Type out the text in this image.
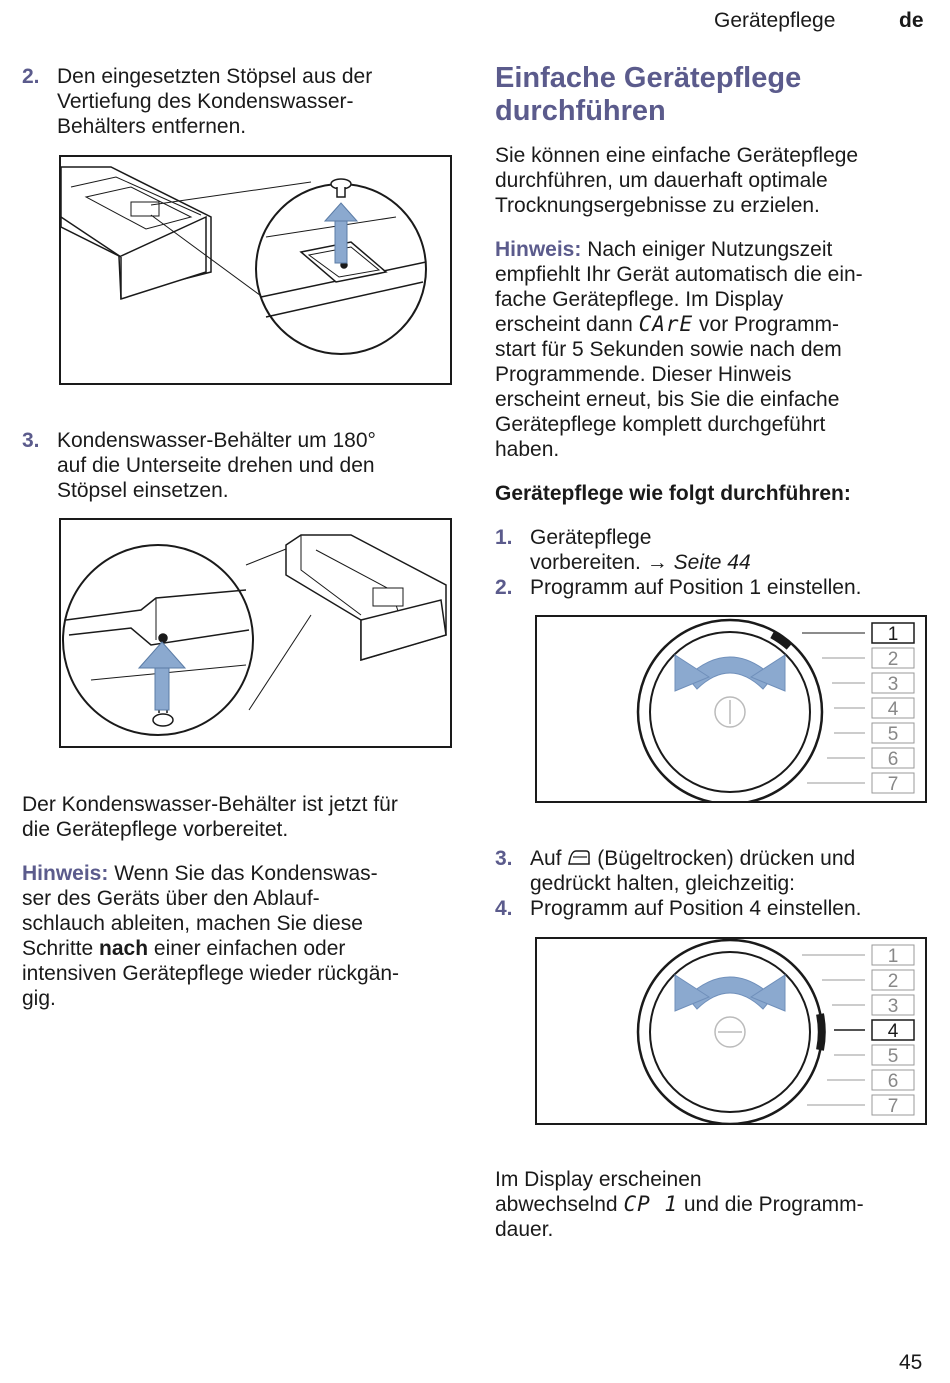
Gerätepflege	de
2. Den eingesetzten Stöpsel aus der
Vertiefung des Kondenswasser-
Behälters entfernen.
3. Kondenswasser-Behälter um 180°
auf die Unterseite drehen und den
Stöpsel einsetzen.
Der Kondenswasser-Behälter ist jetzt für
die Gerätepflege vorbereitet.
Hinweis: Wenn Sie das Kondenswas-
ser des Geräts über den Ablauf-
schlauch ableiten, machen Sie diese
Schritte nach einer einfachen oder
intensiven Gerätepflege wieder rückgän-
gig.
Einfache Gerätepflege
durchführen
Sie können eine einfache Gerätepflege
durchführen, um dauerhaft optimale
Trocknungsergebnisse zu erzielen.
Hinweis: Nach einiger Nutzungszeit
empfiehlt Ihr Gerät automatisch die ein-
fache Gerätepflege. Im Display
erscheint dann CArE vor Programm-
start für 5 Sekunden sowie nach dem
Programmende. Dieser Hinweis
erscheint erneut, bis Sie die einfache
Gerätepflege komplett durchgeführt
haben.
Gerätepflege wie folgt durchführen:
1. Gerätepflege
vorbereiten. → Seite 44
2. Programm auf Position 1 einstellen.
1
2
3
4
5
6
7
3. Auf (Bügeltrocken) drücken und
gedrückt halten, gleichzeitig:
4. Programm auf Position 4 einstellen.
1
2
3
4
5
6
7
Im Display erscheinen
abwechselnd CP 1 und die Programm-
dauer.
45
